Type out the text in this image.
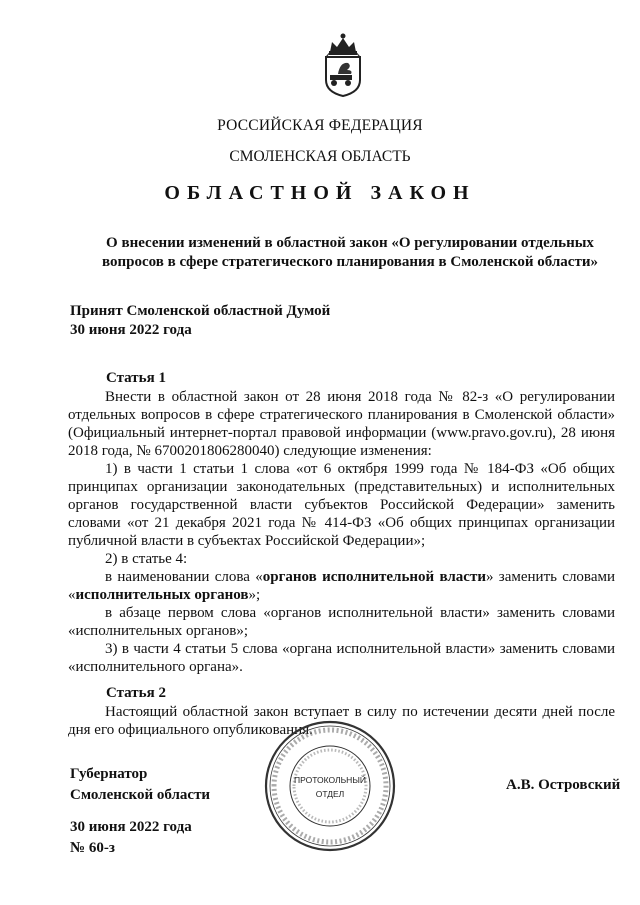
РОССИЙСКАЯ ФЕДЕРАЦИЯ
СМОЛЕНСКАЯ ОБЛАСТЬ
ОБЛАСТНОЙ ЗАКОН
О внесении изменений в областной закон «О регулировании отдельных
вопросов в сфере стратегического планирования в Смоленской области»
Принят Смоленской областной Думой
30 июня 2022 года
Статья 1

Внести в областной закон от 28 июня 2018 года № 82-з «О регулировании отдельных вопросов в сфере стратегического планирования в Смоленской области» (Официальный интернет-портал правовой информации (www.pravo.gov.ru), 28 июня 2018 года, № 6700201806280040) следующие изменения:

1) в части 1 статьи 1 слова «от 6 октября 1999 года № 184-ФЗ «Об общих принципах организации законодательных (представительных) и исполнительных органов государственной власти субъектов Российской Федерации» заменить словами «от 21 декабря 2021 года № 414-ФЗ «Об общих принципах организации публичной власти в субъектах Российской Федерации»;

2) в статье 4:

в наименовании слова «органов исполнительной власти» заменить словами «исполнительных органов»;

в абзаце первом слова «органов исполнительной власти» заменить словами «исполнительных органов»;

3) в части 4 статьи 5 слова «органа исполнительной власти» заменить словами «исполнительного органа».

Статья 2

Настоящий областной закон вступает в силу по истечении десяти дней после дня его официального опубликования.

ПРОТОКОЛЬНЫЙ
ОТДЕЛ
Губернатор
Смоленской области
А.В. Островский
30 июня 2022 года
№ 60-з
